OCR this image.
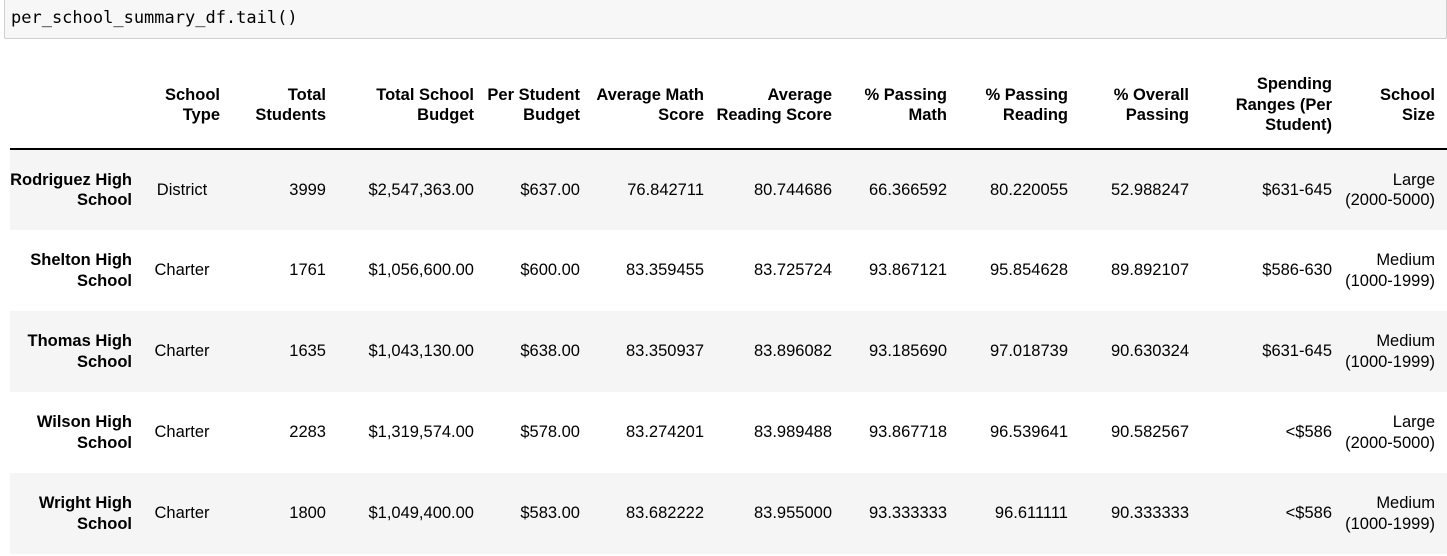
per_school_summary_df.tail()
	School Type	Total Students	Total School Budget	Per Student Budget	Average Math Score	Average Reading Score	% Passing Math	% Passing Reading	% Overall Passing	Spending Ranges (Per Student)	School Size
Rodriguez High School	District	3999	$2,547,363.00	$637.00	76.842711	80.744686	66.366592	80.220055	52.988247	$631-645	Large (2000-5000)
Shelton High School	Charter	1761	$1,056,600.00	$600.00	83.359455	83.725724	93.867121	95.854628	89.892107	$586-630	Medium (1000-1999)
Thomas High School	Charter	1635	$1,043,130.00	$638.00	83.350937	83.896082	93.185690	97.018739	90.630324	$631-645	Medium (1000-1999)
Wilson High School	Charter	2283	$1,319,574.00	$578.00	83.274201	83.989488	93.867718	96.539641	90.582567	<$586	Large (2000-5000)
Wright High School	Charter	1800	$1,049,400.00	$583.00	83.682222	83.955000	93.333333	96.611111	90.333333	<$586	Medium (1000-1999)
